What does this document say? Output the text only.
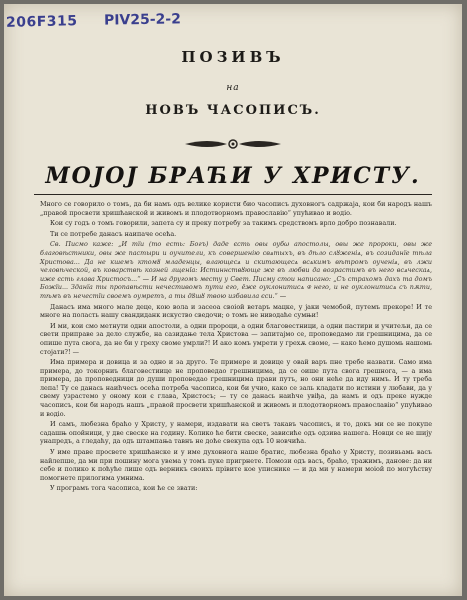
206F315 PIV25-2-2
ПОЗИВЪ
на
НОВЪ ЧАСОПИСЪ.
МОЈОЈ БРАЋИ У ХРИСТУ.

Много се говорило о томъ, да би намъ одъ велике користи био часописъ духовногъ садржаја, кои би народъ нашъ „правой просвети хришћанской и живомъ и плодотворномъ православiю“ упућивао и водio.

Кои су годъ о томъ говорили, запета су и преку потребу за такимъ средствомъ врло добро познавали.

Ти се потребе данасъ наипаче осећа.

Св. Писмо каже: „И тїи (то есть: Богъ) даде єсть овы оубω апостолы, овы же пророки, овы же благовѣстники, овы же пастыри и оучители, къ совершенію свѧтыхъ, въ дѣло слȣженіѧ, въ созиданїе тѣла Христова... Да не кшемъ ктомȣ младенцы, влающесѧ и скитающесѧ всѧкимъ вѣтромъ оученіѧ, въ лжи человѣческой, въ коварствѣ козней лщенїа: Истиннствȣюще же въ любви да возрастимъ въ него всѧческаѧ, иже єсть глава Христосъ...“ — И на другомъ месту у Свет. Писму стои написано: „Съ страхомъ дахъ та домъ Божїи... Зданїа ты пропавѣсти нечестивомъ пути его, ёже оуклонитисѧ ѿ него, и не оуклонитисѧ съ пѫти, тѣмъ въ нечестїи своемъ оумретъ, а ты дȣшȣ твою избавила єси.“ —

Данасъ има много мале деце, кою вола и засеоа своіой ветаръ мацке, у јаки чемобой, путемъ прекоре! И те многе на поласть нашу свандиданк искуство сведочи; о томъ не ниводаће сумњи!

И ми, кои смо метнути одни апостоли, а одни пророци, а одни благовестници, а одни пастири и учитељи, да се свети припрaве за дело службе, на сазидање тела Христова — запитајмо се, проповедамо ли грешницима, да се опише пута свога, да не би у греху своме умрли?! И ако комъ умрети у грехѫ своме, — како ћемо душомь нашомь стоjати?! —

Има примера и довица и за одно и за друго. Те примере и довице у овай варъ пне требе назвати. Само има примера, до токорниъ благовестиице не проповедао грешницима, да се оише пута свога грешнога, — а има примера, да проповедници до души проповедао грешницима прави путъ, но они нећe да иду нимъ. И ту треба лепа! Ту се данась наиhчесъ осећа потреба часописа, кои би учио, како се заль кладати по истини у любави, да у свему узрастемо у оному кои є глава, Христосъ; — ту се данась наиhче увiђа, да намъ и одъ преке нужде часописъ, кои би народъ нашъ „правой просвети хришћанской и живомъ и плодотворномъ православiю“ упућивао и водio.

И самъ, любезна браћо у Христу, у намери, издавати на светъ такавъ часописъ, и то, докъ ми се не покупе садашњ опойници, у две свеске на годину. Колико ће бити свеске, зависиће одъ одзива нашега. Новци се не шију унапредъ, а гледаћу, да одъ штампањa тавнъ не доће свекупа одъ 10 новчића.

У име праве просвете хришћанске и у име духовнога наше братиc, любезна браћо у Христу, позивьамь васъ найлепше, да ми при пошину мога увема у томъ пуке пригрнете. Помози одъ васъ, браћо, тражимъ, данове: да ни себе и полико к поћуће лише одъ верникъ своихъ прiвите кое уписнике — и да ми у намери моіой по могућству помогнете прилогима умнима.

У програмъ тога часописa, кои ће се звати:
